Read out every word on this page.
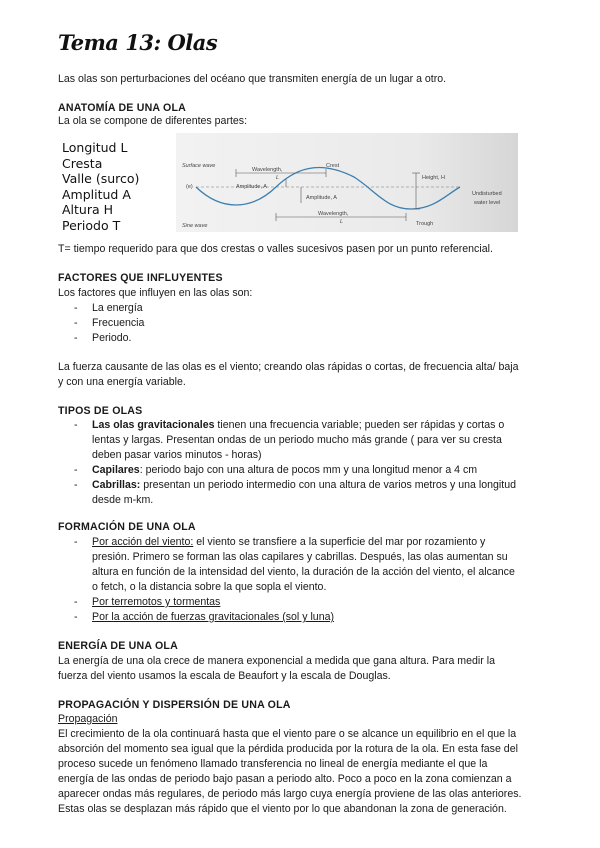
Tema 13: Olas
Las olas son perturbaciones del océano que transmiten energía de un lugar a otro.
ANATOMÍA DE UNA OLA
La ola se compone de diferentes partes:
Longitud L
Cresta
Valle (surco)
Amplitud A
Altura H
Periodo T
Surface wave
Wavelength,
L
Crest
Height, H
Amplitude, A
(e)
Amplitude, A
Undisturbed
water level
Wavelength,
L	Trough
Sine wave
T= tiempo requerido para que dos crestas o valles sucesivos pasen por un punto referencial.
FACTORES QUE INFLUYENTES
Los factores que influyen en las olas son:
- La energía
- Frecuencia
- Periodo.
La fuerza causante de las olas es el viento; creando olas rápidas o cortas, de frecuencia alta/ baja
y con una energía variable.
TIPOS DE OLAS
- Las olas gravitacionales tienen una frecuencia variable; pueden ser rápidas y cortas o
lentas y largas. Presentan ondas de un periodo mucho más grande ( para ver su cresta
deben pasar varios minutos - horas)
- Capilares: periodo bajo con una altura de pocos mm y una longitud menor a 4 cm
- Cabrillas: presentan un periodo intermedio con una altura de varios metros y una longitud
desde m-km.
FORMACIÓN DE UNA OLA
- Por acción del viento: el viento se transfiere a la superficie del mar por rozamiento y
presión. Primero se forman las olas capilares y cabrillas. Después, las olas aumentan su
altura en función de la intensidad del viento, la duración de la acción del viento, el alcance
o fetch, o la distancia sobre la que sopla el viento.
- Por terremotos y tormentas
- Por la acción de fuerzas gravitacionales (sol y luna)
ENERGÍA DE UNA OLA
La energía de una ola crece de manera exponencial a medida que gana altura. Para medir la
fuerza del viento usamos la escala de Beaufort y la escala de Douglas.
PROPAGACIÓN Y DISPERSIÓN DE UNA OLA
Propagación
El crecimiento de la ola continuará hasta que el viento pare o se alcance un equilibrio en el que la
absorción del momento sea igual que la pérdida producida por la rotura de la ola. En esta fase del
proceso sucede un fenómeno llamado transferencia no lineal de energía mediante el que la
energía de las ondas de periodo bajo pasan a periodo alto. Poco a poco en la zona comienzan a
aparecer ondas más regulares, de periodo más largo cuya energía proviene de las olas anteriores.
Estas olas se desplazan más rápido que el viento por lo que abandonan la zona de generación.
